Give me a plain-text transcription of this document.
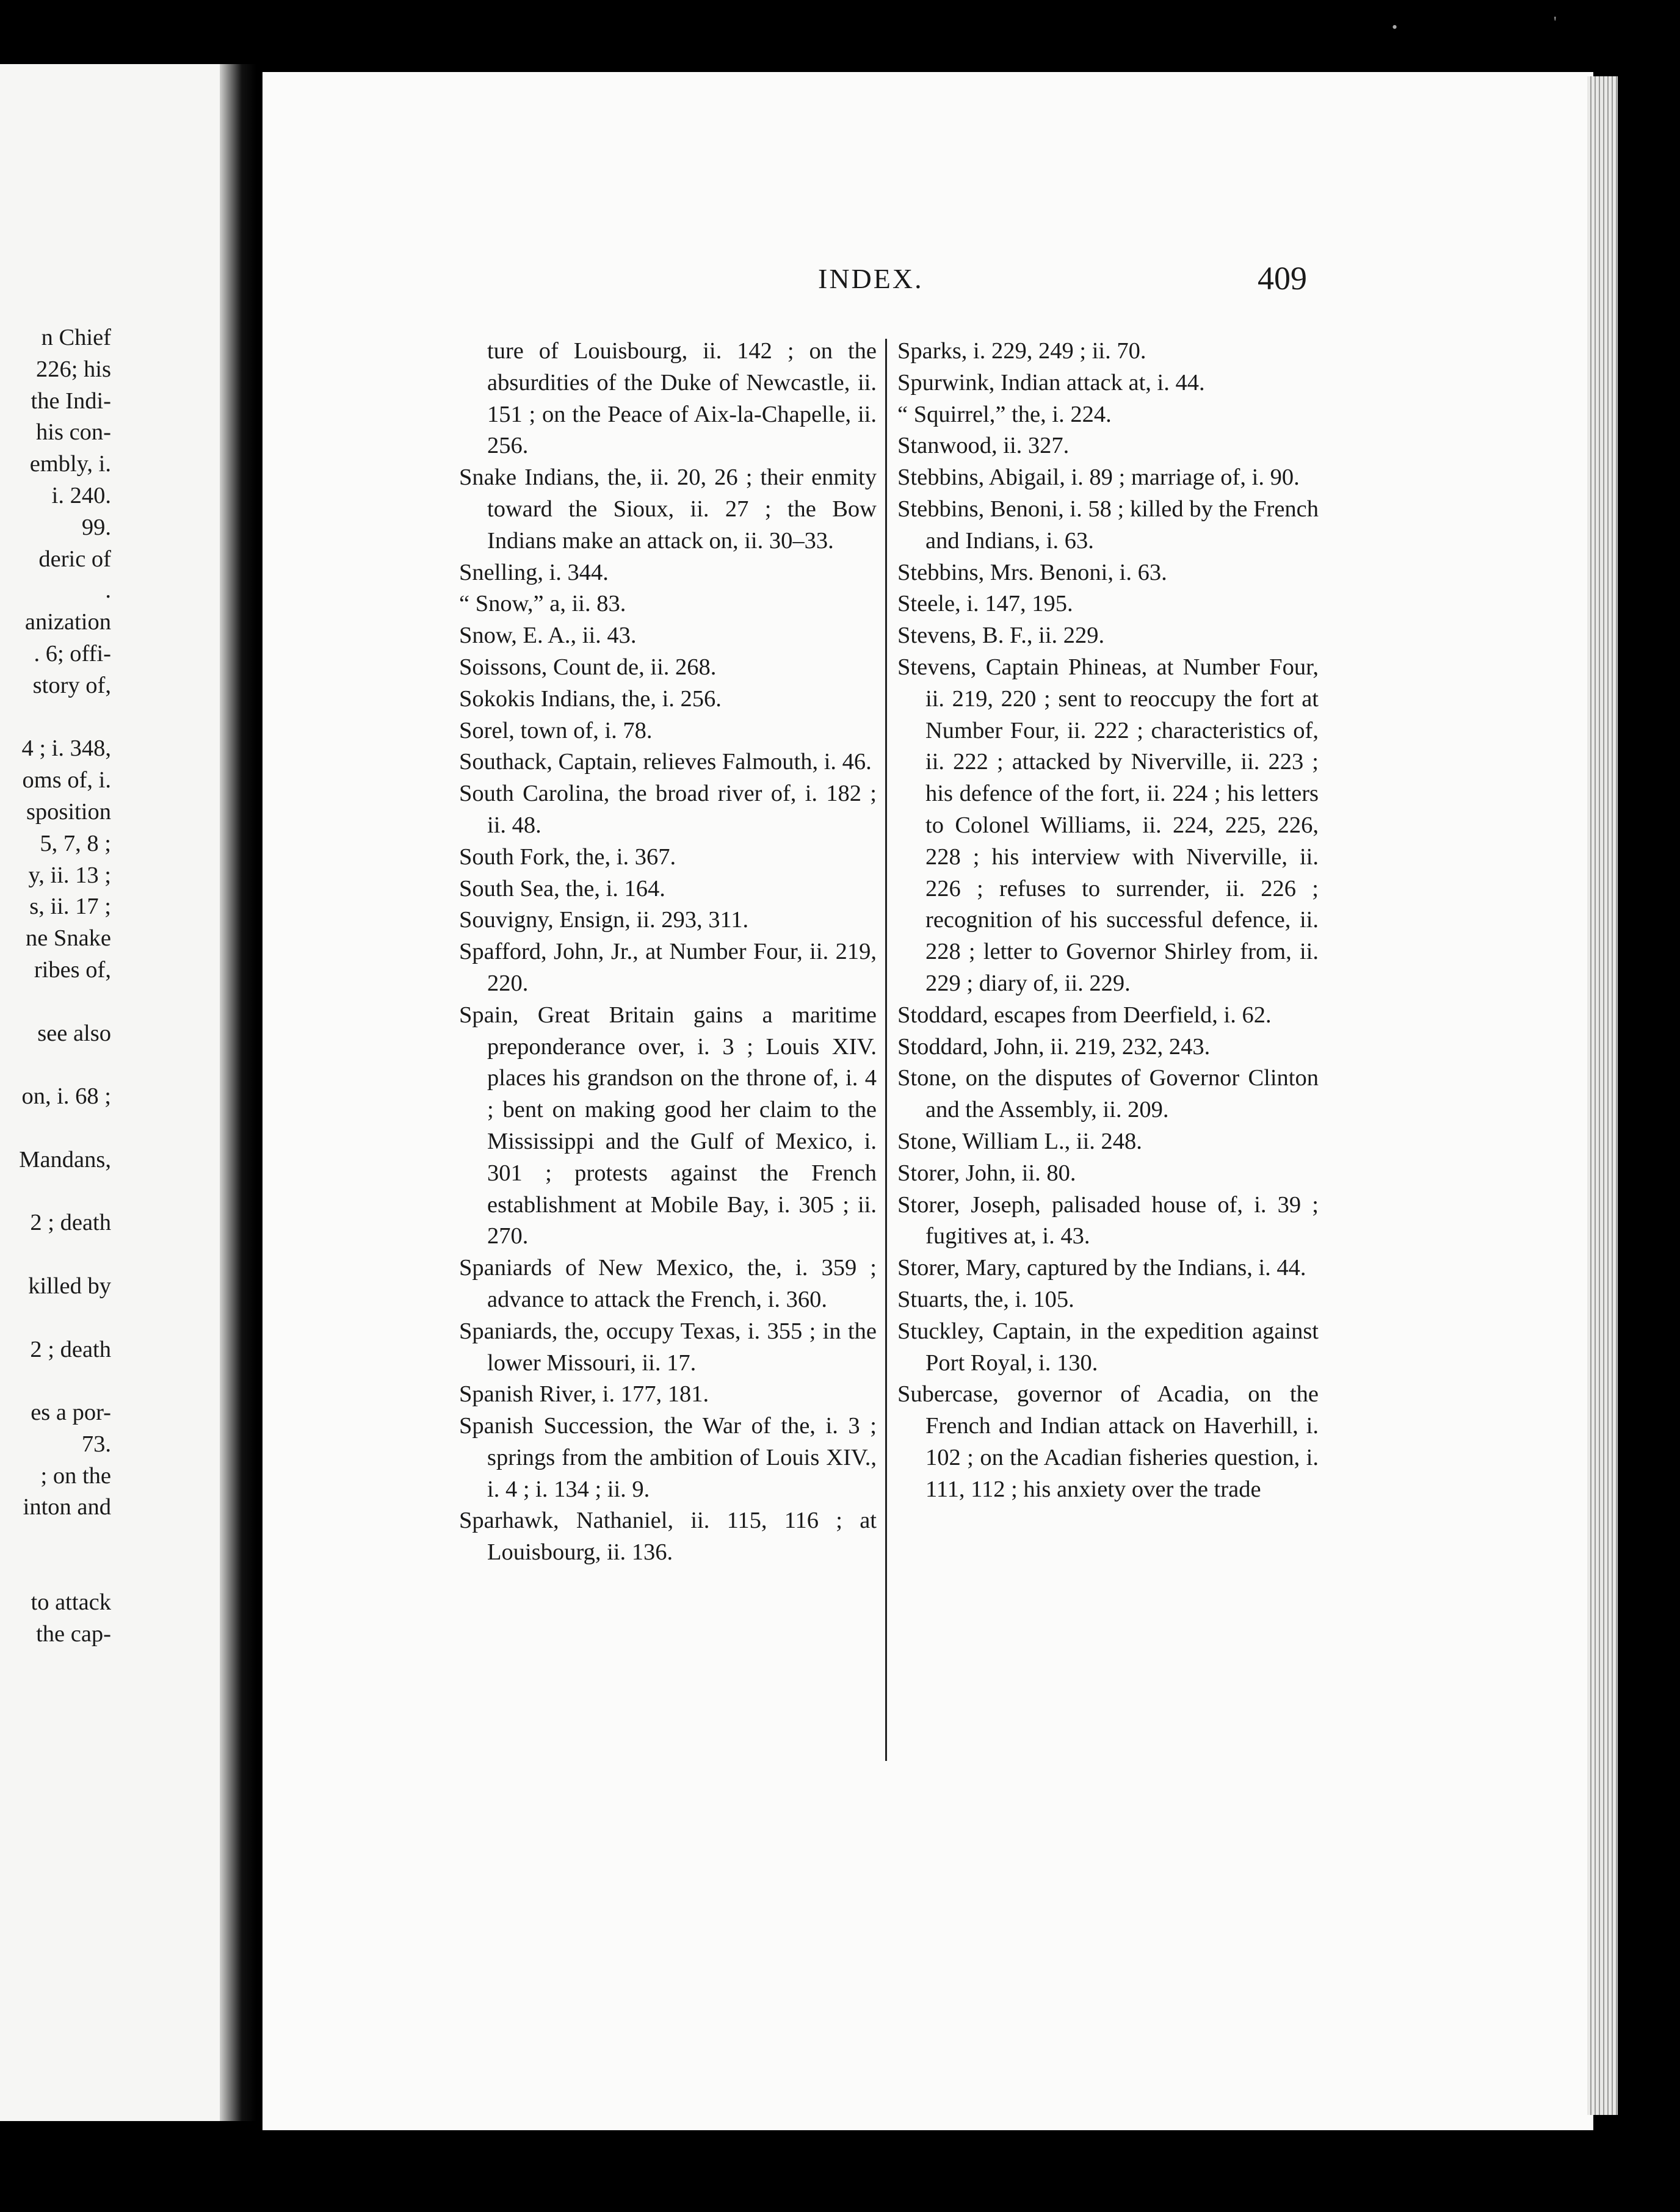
•	'
n Chief
226; his
the Indi-
his con-
embly, i.
i. 240.
99.
deric of
.
anization
. 6; offi-
story of,
4 ; i. 348,
oms of, i.
sposition
5, 7, 8 ;
y, ii. 13 ;
s, ii. 17 ;
ne Snake
ribes of,
see also
on, i. 68 ;
Mandans,
2 ; death
killed by
2 ; death
es a por-
73.
; on the
inton and
to attack
the cap-
INDEX.	409
ture of Louisbourg, ii. 142 ; on the absurdities of the Duke of Newcastle, ii. 151 ; on the Peace of Aix-la-Chapelle, ii. 256.
Snake Indians, the, ii. 20, 26 ; their enmity toward the Sioux, ii. 27 ; the Bow Indians make an attack on, ii. 30–33.
Snelling, i. 344.
“ Snow,” a, ii. 83.
Snow, E. A., ii. 43.
Soissons, Count de, ii. 268.
Sokokis Indians, the, i. 256.
Sorel, town of, i. 78.
Southack, Captain, relieves Falmouth, i. 46.
South Carolina, the broad river of, i. 182 ; ii. 48.
South Fork, the, i. 367.
South Sea, the, i. 164.
Souvigny, Ensign, ii. 293, 311.
Spafford, John, Jr., at Number Four, ii. 219, 220.
Spain, Great Britain gains a maritime preponderance over, i. 3 ; Louis XIV. places his grandson on the throne of, i. 4 ; bent on making good her claim to the Mississippi and the Gulf of Mexico, i. 301 ; protests against the French establishment at Mobile Bay, i. 305 ; ii. 270.
Spaniards of New Mexico, the, i. 359 ; advance to attack the French, i. 360.
Spaniards, the, occupy Texas, i. 355 ; in the lower Missouri, ii. 17.
Spanish River, i. 177, 181.
Spanish Succession, the War of the, i. 3 ; springs from the ambition of Louis XIV., i. 4 ; i. 134 ; ii. 9.
Sparhawk, Nathaniel, ii. 115, 116 ; at Louisbourg, ii. 136.
Sparks, i. 229, 249 ; ii. 70.
Spurwink, Indian attack at, i. 44.
“ Squirrel,” the, i. 224.
Stanwood, ii. 327.
Stebbins, Abigail, i. 89 ; marriage of, i. 90.
Stebbins, Benoni, i. 58 ; killed by the French and Indians, i. 63.
Stebbins, Mrs. Benoni, i. 63.
Steele, i. 147, 195.
Stevens, B. F., ii. 229.
Stevens, Captain Phineas, at Number Four, ii. 219, 220 ; sent to reoccupy the fort at Number Four, ii. 222 ; characteristics of, ii. 222 ; attacked by Niverville, ii. 223 ; his defence of the fort, ii. 224 ; his letters to Colonel Williams, ii. 224, 225, 226, 228 ; his interview with Niverville, ii. 226 ; refuses to surrender, ii. 226 ; recognition of his successful defence, ii. 228 ; letter to Governor Shirley from, ii. 229 ; diary of, ii. 229.
Stoddard, escapes from Deerfield, i. 62.
Stoddard, John, ii. 219, 232, 243.
Stone, on the disputes of Governor Clinton and the Assembly, ii. 209.
Stone, William L., ii. 248.
Storer, John, ii. 80.
Storer, Joseph, palisaded house of, i. 39 ; fugitives at, i. 43.
Storer, Mary, captured by the Indians, i. 44.
Stuarts, the, i. 105.
Stuckley, Captain, in the expedition against Port Royal, i. 130.
Subercase, governor of Acadia, on the French and Indian attack on Haverhill, i. 102 ; on the Acadian fisheries question, i. 111, 112 ; his anxiety over the trade
